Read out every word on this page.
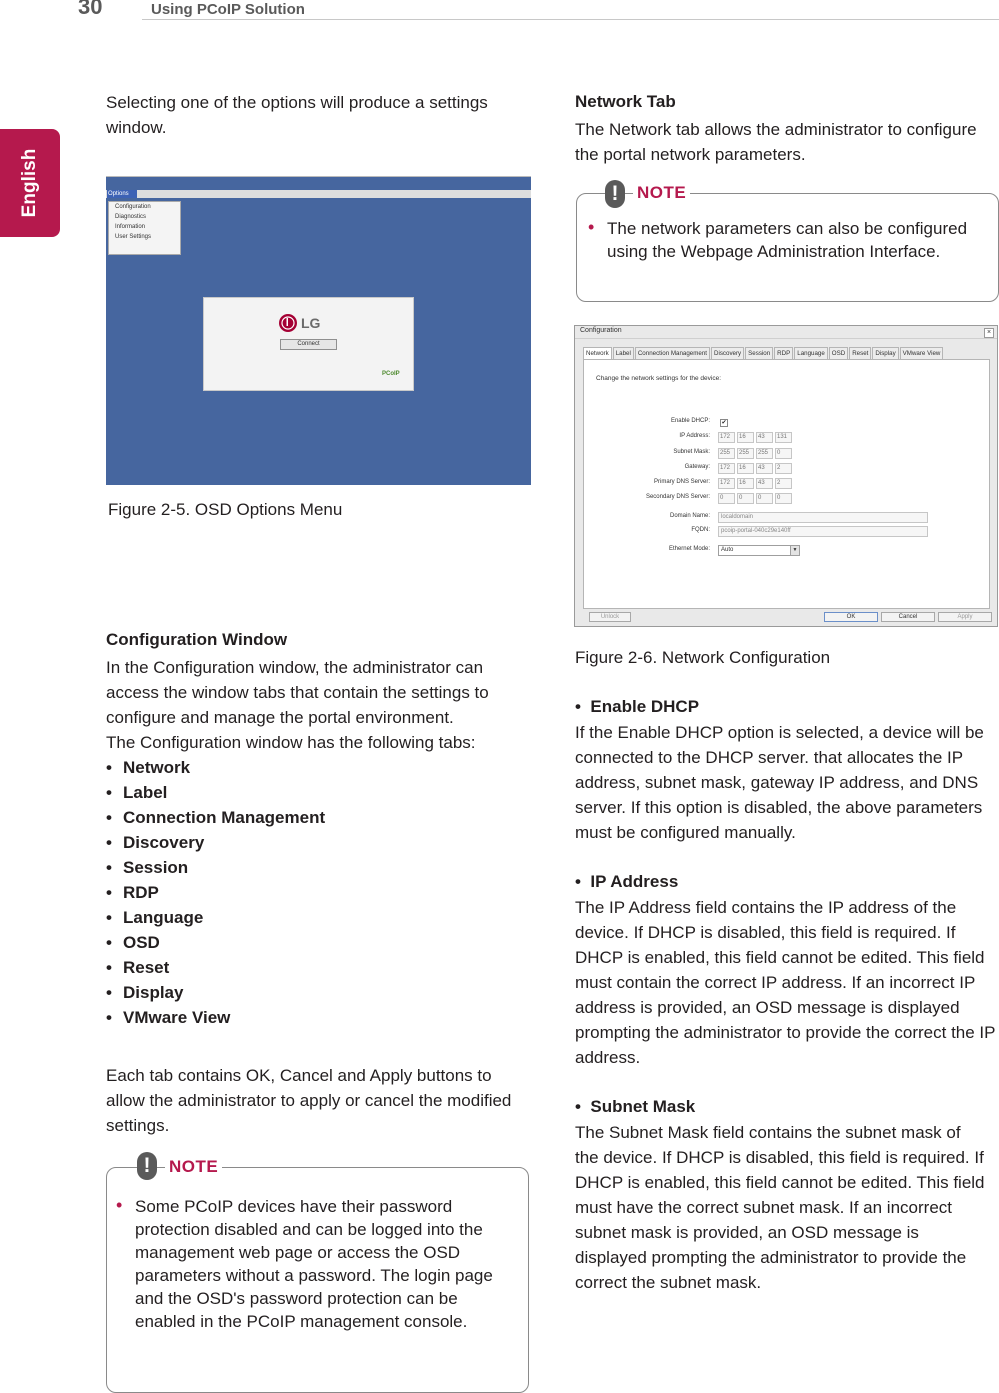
30	Using PCoIP Solution
English
Selecting one of the options will produce a settings window.
Options
Configuration
Diagnostics
Information
User Settings
LG
Connect
PCoIP
Figure 2-5. OSD Options Menu
Configuration Window
In the Configuration window, the administrator can access the window tabs that contain the settings to configure and manage the portal environment.
The Configuration window has the following tabs:
• Network
• Label
• Connection Management
• Discovery
• Session
• RDP
• Language
• OSD
• Reset
• Display
• VMware View
Each tab contains OK, Cancel and Apply buttons to allow the administrator to apply or cancel the modified settings.
!	NOTE
• Some PCoIP devices have their password protection disabled and can be logged into the management web page or access the OSD parameters without a password. The login page and the OSD's password protection can be enabled in the PCoIP management console.
Network Tab
The Network tab allows the administrator to configure the portal network parameters.
!	NOTE
• The network parameters can also be configured using the Webpage Administration Interface.
Configuration	×
Network	Label	Connection Management	Discovery	Session	RDP	Language	OSD	Reset	Display	VMware View
Change the network settings for the device:
Enable DHCP: ✔
IP Address:	172	16	43	131
Subnet Mask:	255	255	255	0
Gateway:	172	16	43	2
Primary DNS Server:	172	16	43	2
Secondary DNS Server:	0	0	0	0
Domain Name:	localdomain
FQDN:	pcoip-portal-040c29e140ff
Ethernet Mode:	Auto	▼
Unlock	OK	Cancel	Apply
Figure 2-6. Network Configuration
•  Enable DHCP
If the Enable DHCP option is selected, a device will be connected to the DHCP server. that allocates the IP address, subnet mask, gateway IP address, and DNS server. If this option is disabled, the above parameters must be configured manually.
•  IP Address
The IP Address field contains the IP address of the device. If DHCP is disabled, this field is required. If DHCP is enabled, this field cannot be edited. This field must contain the correct IP address. If an incorrect IP address is provided, an OSD message is displayed prompting the administrator to provide the correct the IP address.
•  Subnet Mask
The Subnet Mask field contains the subnet mask of the device. If DHCP is disabled, this field is required. If DHCP is enabled, this field cannot be edited. This field must have the correct subnet mask. If an incorrect subnet mask is provided, an OSD message is displayed prompting the administrator to provide the correct the subnet mask.
